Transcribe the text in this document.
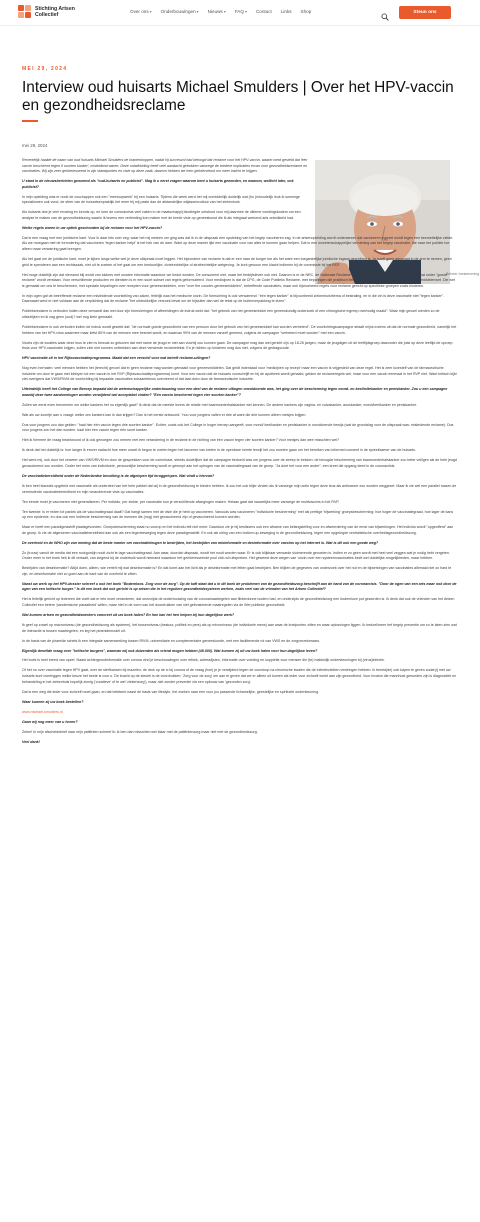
Stichting Artsen
Collectief
Over ons▾ Onderbouwingen▾ Nieuws▾ FAQ▾ Contact Links Shop	Steun ons
MEI 29, 2024
Interview oud huisarts Michael Smulders | Over het HPV-vaccin en gezondheidsreclame
mei 29, 2024
Beheer toestemming

Recentelijk haalde de naam van oud huisarts Michael Smulders de krantenkoppen, nadat hij succesvol had betoogd dat reclame voor het HPV-vaccin, waarin werd gesteld dat 'één vaccin beschermt tegen 6 soorten kanker', misleidend waren. Deze ontwikkeling heeft veel aandacht getrokken vanwege de bredere implicaties ervan voor gezondheidsreclame en vaccinaties. Wij zijn zeer geïnteresseerd in zijn standpunten en visie op deze zaak, daarom hebben we hem geïnterviewd om meer inzicht te krijgen.

U staat in de nieuwsberichten genoemd als "oud-huisarts en publicist". Mag ik u eerst vragen waarom bent u huisarts geworden, en waarom, wellicht later, ook publicist?

In mijn opleiding was er nooit de coschappen ook een "meeloopweek" bij een huisarts. Tijdens die week werd het mij onmiddellijk duidelijk wat (ho (inhoudelijk leuk ik sommige specialismen ook vond, de sfeer van de huisartsenpraktijk het meer bij mij paste dan de afstandelijke witjassencultuur van het ziekenhuis.

Als huisarts doe je veel ervaring en kennis op, en toen de coronacrisis veel zaken in de maatschappij blootlegde ontstond voor mij daarmee de ultieme voedingsbodem om een analyse te maken van de gezondheidszorg waarin ik tevens een verbinding kon maken met de brede visie op geneeskunst die ik als integraal werkend arts ontwikkeld had.

Welke regels waren in uw optiek geschonden bij de reclame voor het HPV-vaccin?

Dat is een vraag met een juridische kant. Voor ik daar iets over zeg: waar het mij meteen om ging was dat ik in de uitspraak een opsteking van het begrip vaccineren zag. In de artsenopleiding wordt onderwezen dat vaccineren ingezet wordt tegen een besmettelijke ziekte. Als we moegaan met de formulering dat vaccineren 'tegen kanker helpt' is het hek van de dam. Want op deze manier lijkt een vaccinatie voor van alles te kunnen gaan helpen. Dat is een onwetenschappelijke verruiming van het begrip vaccinatie, die naar het publiek toe alleen maar verwarring gaat brengen.

Als het gaat om de juridische kant, moet je kijken langs welke wet je deze uitspraak moet leggen. Het bijzondere van reclame is dat er een naar de burger toe als het ware een toegankelijke juridische ingang gecreëerd is. Je hoeft geen advocaat in de arm te nemen, geen geld te spenderen aan een rechtszaak, niet uit te zoeken of het gaat om een bestuurlijke, civielrechtelijke of strafrechtelijke wetgeving. Je kunt gewoon een klacht indienen bij de commissie bij het RCF.

Het moge duidelijk zijn dat niemand blij wordt van lokkers met onware informatie waardoor we bedot worden. De consument niet, maar het bedrijfsleven ook niet. Daarom is er de NRC, de Nationale Reclame Code, die in zeer algemene zin formuleert wat onder "goede reclame" wordt verstaan. Voor verschillende producten en diensten is er een soort subset van regels geformuleerd. Voor medicijnen is dat de CPG, de Code Publieks Reclame, met bepalingen die praktisch fietsteltlie zijn als de bepalingen in de geneesmiddelenwet. Die wet is gemaakt om ons te beschermen, met speciale bepalingen over recepten voor geneesmiddelen, over "over the counter-geneesmiddelen", betreffende vaccinaties, maar ook bijvoorbeeld regels voor reclame gericht op specifieke groepen zoals kinderen.

In mijn ogen gaf de betreffende reclame een misleidende voorstelling van zaken, feitelijk was het medische onzin. De formulering is ook verwarrend: "één tegen kanker" is bijvoorbeeld ziekenhuisthema of bestraling, en in die zin is deze vaccinatie niet "tegen kanker". Daarnaast werd er niet voldaan aan de verplichting dat de reclame "het uitdrukkelijke verzoek bevat om de bijsluiter dan wel de tekst op de buitenverpakking te lezen".

Publieksreclame is verboden indien deze verwardt dan wel door zijn formuleringen of afbeeldingen de indruk wekt dat: "het gebruik van het geneesmiddel een geneeskundig onderzoek of een chirurgische ingreep overbodig maakt". Waar mijn gevoel werden zo de uitsluitijken en ik zag geen (oud)? wel nog klein gemaakt.

Publieksreclame is ook verboden indien de indruk wordt gewekt dat: "de normale goede gezondheid van een persoon door het gebruik van het geneesmiddel kan worden verbeterd". De voorlichtingscampagne straalt mijns inziens uit dat de normale gezondheid, namelijk het hebben van het HPV-virus waarmee maar liefst 80% van de mensen mee besmet wordt, en waarvan 99% van de mensen vanzelf geneest, volgens de campagne "verbeterd moet worden" met een vaccin.

Voorts zijn de locaties waar deze leus te zien is bewust zo gekozen dat met name de jeugd er niet aan voorbij zou kunnen gaan. De campagne mag dan wel gericht zijn op 18-26 jarigen, maar de jeugdigen uit de leeftijdsgroep daaronder die juist op deze leeftijd de oproep thuis voor HPV-vaccinatie krijgen, zullen zich niet kunnen onttrekken aan deze verwende reclametekst. En je richten op kinderen mag dus niet, volgens de gedragscode.

HPV vaccinatie zit in het Rijksvaccinatieprogramma. Maakt dat een verschil voor wat betreft reclame-uitingen?

Nog even herhalen: veel mensen hebben het (terecht) gevoel dat er geen reclame mag worden gemaakt voor geneesmiddelen. Dat geldt inderdaad voor 'medicijnen op recept' maar een vaccin is vrijgesteld van deze regel. Het is zeer luxestelf van de farmaceutische industrie om door te gaan met lobbyen tot een vaccin in het RVP (Rijksvaccinatieprogramma) komt. Voor een vaccin dat de huisarts voorschrijft en bij de apotheek wordt gehaald, gelden de reclameregels wel, maar voor een vaccin eenmaal in het RVP niet. Want kritisch kijkt ziet overigens dat VWS/RIVM de voorlichting bij bepaalde vaccinaties schaamteloos overneemt of dat laat doen door de farmaceutische industrie.

Uiteindelijk heeft het College van Beroep bepaald dat de wetenschappelijke onderbouwing voor een deel van de reclame uitingen onvoldoende was, het ging over de bescherming tegen mond- en keelholtekanker en peniskanker. Zou u een campagne waarbij deze twee aandoeningen worden verwijderd wel acceptabel vinden? "Eén vaccin beschermt tegen vier soorten kanker"?

Zullen we eerst even benoemen om welke kankers het nu eigenlijk gaat? Ik denk dat de meeste lezers de relatie met baarmoederhalskanker wel kennen. De andere kankers zijn vagina- en vulvakanker, anuskanker, mond/keelkanker en peniskanker.

Wat als uw zoontje aan u vraagt: welke zes kankers kan ik dan krijgen? Dan is het eerste antwoord: "nou voor jongens valten er drie af want die drie kunnen alleen meisjes krijgen.

Dus voor jongens zou dan gelden: "haal hier één vaccin tegen drie soorten kanker". Echter, zoals ook het College in hoger beroep aangeeft, voor mond/ keelkanker en peniskanker is onvoldoende bewijs (wat de grondslag voor de uitspraak was: misleidende reclame). Dus voor jongens zou het dan worden: haal hier één vaccin tegen één soort kanker.

Heb ik hiermee de vraag beantwoord of ik ook genoegen zou nemen met een verandering in de reclame in de richting van één vaccin tegen vier soorten kanker? Voor meisjes dan wee misschien wel?

Ik denk dat het duidelijk is: hoe langer ik erover nadacht hoe meer onwel ik begon te voelen tegen het lanceren van kreten in de openbare ruimte terwijl het zou moeten gaan om het bereiken van informed consent in de spreekkamer van de huisarts.

Het werd mij, ook door het verweer van VWS/RIVM en door de gesprekken voor de commissie, steeds duidelijker dat de campagne bedoeld was om jongens over de streep te trekken: de beoogde bescherming van baarmoederhalskanker zou beter veiligen als de hele jeugd gevaccineerd zou worden. Onder het mom van individuele, persoonlijke bescherming wordt er geworpt aan het ophogen van de vaccinatiegraad van de groep. "Ja doet het voor een ander", een kreet die opgang deed in de coronacrisis.

De vaccinatiebereidheid onder de Nederlandse bevolking is de afgelopen tijd teruggelopen. Wat vindt u hiervan?

Ik ben heel klassiek opgeleid met vaccinatie als onderdeel van het hele pakket dat wij in de gezondheidszorg te bieden hebben. Ik zou het ook blijer vinden als ik vanwege mijn actie tegen deze leus als antivaxxer zou worden weggezet. Maar ik zie wel een parallel tussen de verminderde vaccinatiebereidheid en mijn veranderende visie op vaccinaties.

Ten eerste moet je vaccineren niet generaliseren. Per individu, per ziekte, per vaccinatie kun je verschillende afwegingen maken. Helaas gaat dat nauwelijks meer vanwege de multivaccins in het RVP.

Ten tweede: is er reden tot paniek als de vaccinatiegraad daalt? Dat hangt samen met de visie die je hebt op vaccineren. Vanouds was vaccineren "individuele bescherming" met als prettige 'bijwerking' groepsbescherming: hoe hoger de vaccinatiegraad, hoe lager de kans op een epidemie, en dus ook een indirecte bescherming van de mensen die (nog) niet gevaccineerd zijn of gevaccineerd kunnen worden.

Maar er heeft een paradigmashift plaatsgevonden. Groepsbescherming staat nu voorop en het individu telt niet meer. Daardoor zie je bij beslissers ook een afname van belangstelling voor en afweerdering van de ernst van bijwerkingen. Het individu wordt "opgeofferd" aan de groep. Ik zie de afgenomen vaccinatiebereidheid dan ook als een tegenbeweging tegen deze paradigmashift. En ook als uiting van een bottom up-beweging in de gezondheidszorg, tégen een opgelegde centralistische overheidsgezondheidszorg.

De overheid en de WHO zijn van mening dat de beste manier om vaccinatieleugen te bestrijden, het bestrijden van misinformatie en desinformatie over vaccins op het internet is. Wat is dit ook een goede weg?

Zo (trouw) vanuit de media dat een rookgordijn nooit zicht te lage vaccinatiegraad. Aan waar, doordat uitspraak, wordt het nooit worden waar. Er is ook blijkbaar verwarde sluimerende gevoelen is. Indien er zo geen wordt met heel veel zeggen wat je nodig hebt vergeten. Onder meer in het boek heb ik dit vertaalt, van zingend bij de onderbuik wordt niemand waardoor het geïnteresseerde pool zich wil uitspreken. Het geweest deze wegen van 'onzin over een systeemvaccinaties bezit wel duidelijke-mogelijkheden, maar hebben.

Bestrijden van desinformatie? Altijd doen, alleen, wie vertelt mij wat desinformatie is? En dat komt aan het licht als je desinformatie met feiten gaat bestrijden. Ben blijken de gegevens van onderzoek over het nut en de bijwerkingen van vaccinaties allemaal niet zo hard te zijn, en desinformatie niet zo goed aan de kant van de overheid te zitten.

Naast uw werk op het HPV-dossier schreef u ook het boek "Bodemloos. Zorg voor de zorg". Op de kaft staat dat u in dit boek de problemen van de gezondheidszorg beschrijft aan de hand van de coronacrisis. "Door de ogen van een arts maar ook door de ogen van een kritische burger." Is dit een boek dat ook gericht is op artsen die in het reguliere gezondheidssysteem werken, zoals veel van de vrienden van het Artsen Collectief?

Het is feitelijk gericht op iedereen die voelt dat er iets moet veranderen, dat onenzijds de onderbouwing van de coronamaatregelen aan flinterdunne bodem had, en onderzijds de gezondheidszorg een bodemloze put geworden is. Ik denk dat ook de vrienden van het Artsen Collectief een betere 'pandemische paraatheid' willen, maar niet in de vorm van het doordrukken van niet geëvalueerde maatregelen via de Wet publieke gezondheid.

Wat kunnen artsen en gezondheidswerkers concreet uit uw boek halen? En hoe kan het hen helpen bij hun dagelijkse werk?

Ik geef op zowel op macroniveau (de gezondheidszorg als systeem), het tussenniveau (bestuur, politiek en pers) als op microniveau (de individuele mens) aan waar de knelpunten zitten en waar oplossingen liggen. Ik bedoel/meer het begrip preventie om zo te laten zien wat de interactie is tussen maatregelen, en leg het piramidemodel uit.

In de basis van de piramide schets ik een integrale samenwerking tussen RIVM, universitaire en complementaire geneeskunde, met een faciliterende rol van VWS en de zorgverzekeraars.

Eigenlijk desellde vraag over "kritische burgers", waarvan wij ook duizenden als vriend mogen hebben (48.000). Wat kunnen zij uit uw boek halen voor hun dagelijkse leven?

Het boek is heel breed van opzet. Naast achtergrondinformatie over corona vind je beschouwingen over ethiek, adresslijsten, informatie over voeding en suppletie voor mensen die (te) makkelijk ondersteuningen bij (virus)infectie.

Of het nu over vaccinatie tegen HPV gaat, over de sterfkansen bij mazelen, de druk op de ic bij corona of de vraag (hoe) je je verwijderd tegen de vuurdoop na chronische kwalen die de infectieziekten verdringen hebben: ik bereid(de) ook kapen te geven zodat jij met uw huisarts kunt overleggen welke keuze het beste is voor u. De kracht op de sleutel is de voordrukken: 'Zorg voor de zorg' om aan te geven dat we er alleen uit komen als ieder voor zichzelf werkt aan zijn gezondheid. Voor invalon die mannhost geworden zijn is diagnostiek en behandeling in het ziekenhuis hopelijk zinnig ('curatieve' of te wel 'ziekenzorg'), maar niet zonder preventie via een opbouw van 'gezonden zorg'.

Dat is een weg die ieder voor zichzelf moet gaan, en dat betekent naast de basis van lifestyle, het zoeken naar een voor jou passende lichamelijke, geestelijke en spirituele ondersteuning.

Waar kunnen zij uw boek bestellen?

www.michael-smulders.nl

Gaan wij nog meer van u horen?

Zeker! In mijn afscheidsbrief naar mijn patiënten schreef ik: ik ben dan misschien wel klaar met de patiëntenzorg maar niet met de gezondheidszorg.

Veel dank!
